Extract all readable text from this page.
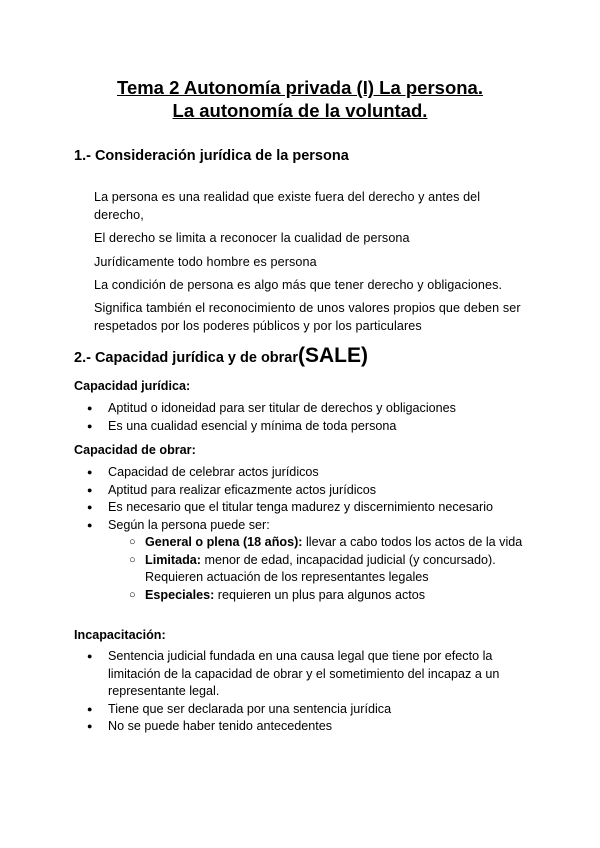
Tema 2 Autonomía privada (I) La persona.
La autonomía de la voluntad.
1.- Consideración jurídica de la persona
La persona es una realidad que existe fuera del derecho y antes del derecho,
El derecho se limita a reconocer la cualidad de persona
Jurídicamente todo hombre es persona
La condición de persona es algo más que tener derecho y obligaciones.
Significa también el reconocimiento de unos valores propios que deben ser respetados por los poderes públicos y por los particulares
2.- Capacidad jurídica y de obrar(SALE)
Capacidad jurídica:
● Aptitud o idoneidad para ser titular de derechos y obligaciones
● Es una cualidad esencial y mínima de toda persona
Capacidad de obrar:
● Capacidad de celebrar actos jurídicos
● Aptitud para realizar eficazmente actos jurídicos
● Es necesario que el titular tenga madurez y discernimiento necesario
● Según la persona puede ser:
○ General o plena (18 años): llevar a cabo todos los actos de la vida
○ Limitada: menor de edad, incapacidad judicial (y concursado). Requieren actuación de los representantes legales
○ Especiales: requieren un plus para algunos actos
Incapacitación:
● Sentencia judicial fundada en una causa legal que tiene por efecto la limitación de la capacidad de obrar y el sometimiento del incapaz a un representante legal.
● Tiene que ser declarada por una sentencia jurídica
● No se puede haber tenido antecedentes
